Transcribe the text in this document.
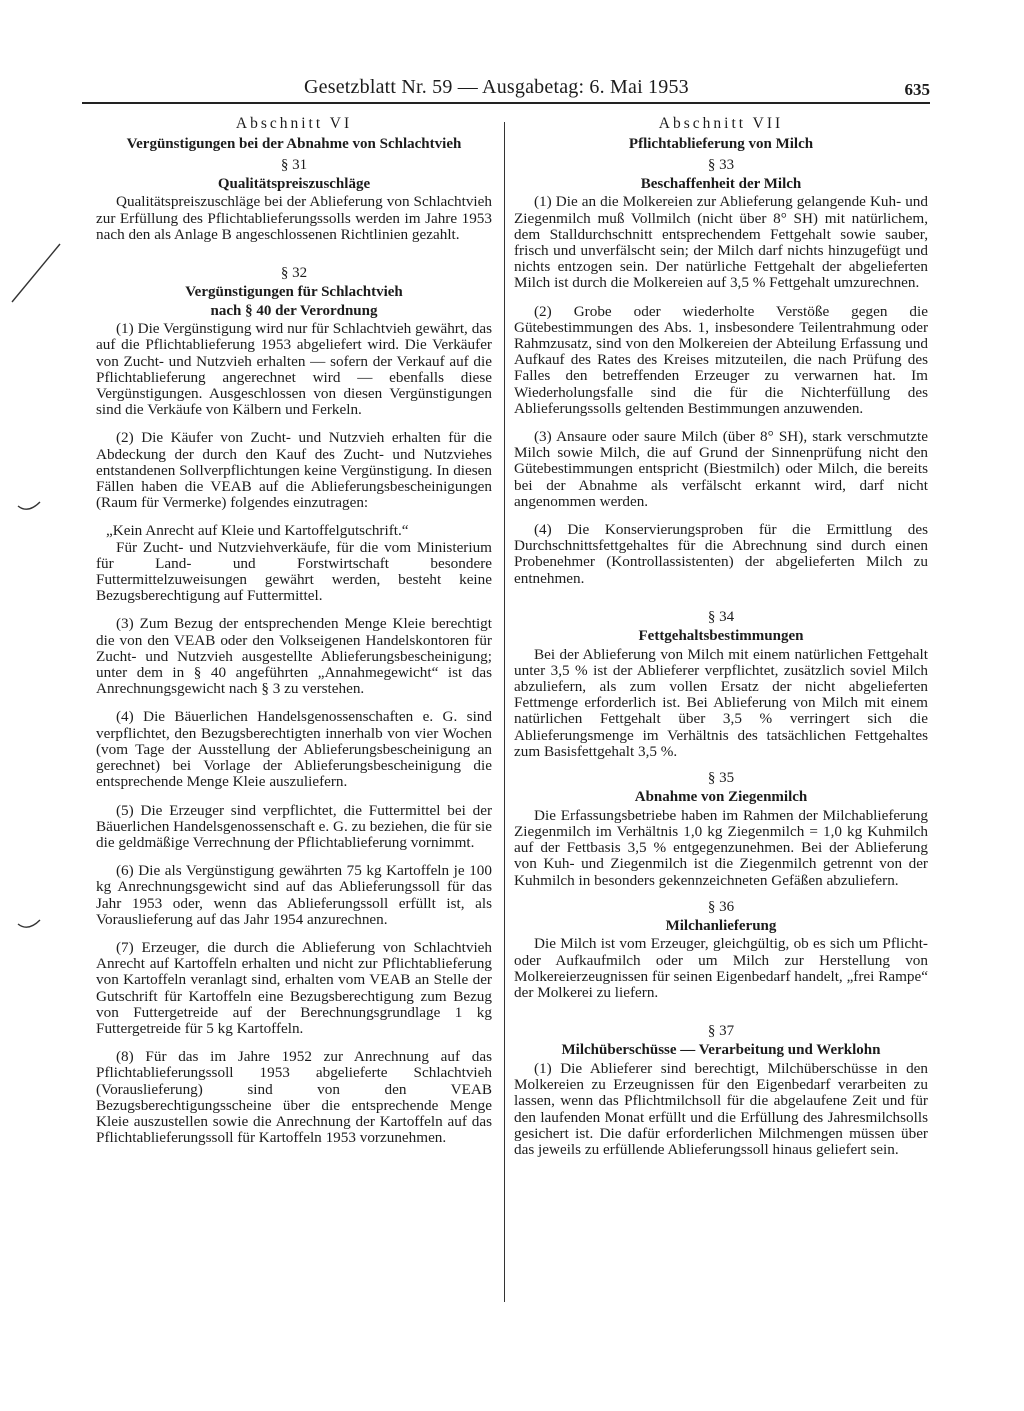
Gesetzblatt Nr. 59 — Ausgabetag: 6. Mai 1953	635
Abschnitt VI
Vergünstigungen bei der Abnahme von Schlachtvieh
§ 31
Qualitätspreiszuschläge

Qualitätspreiszuschläge bei der Ablieferung von Schlachtvieh zur Erfüllung des Pflichtablieferungssolls werden im Jahre 1953 nach den als Anlage B angeschlossenen Richtlinien gezahlt.

§ 32
Vergünstigungen für Schlachtvieh
nach § 40 der Verordnung

(1) Die Vergünstigung wird nur für Schlachtvieh gewährt, das auf die Pflichtablieferung 1953 abgeliefert wird. Die Verkäufer von Zucht- und Nutzvieh erhalten — sofern der Verkauf auf die Pflichtablieferung angerechnet wird — ebenfalls diese Vergünstigungen. Ausgeschlossen von diesen Vergünstigungen sind die Verkäufe von Kälbern und Ferkeln.

(2) Die Käufer von Zucht- und Nutzvieh erhalten für die Abdeckung der durch den Kauf des Zucht- und Nutzviehes entstandenen Sollverpflichtungen keine Vergünstigung. In diesen Fällen haben die VEAB auf die Ablieferungsbescheinigungen (Raum für Vermerke) folgendes einzutragen:

„Kein Anrecht auf Kleie und Kartoffelgutschrift.“

Für Zucht- und Nutzviehverkäufe, für die vom Ministerium für Land- und Forstwirtschaft besondere Futtermittelzuweisungen gewährt werden, besteht keine Bezugsberechtigung auf Futtermittel.

(3) Zum Bezug der entsprechenden Menge Kleie berechtigt die von den VEAB oder den Volkseigenen Handelskontoren für Zucht- und Nutzvieh ausgestellte Ablieferungsbescheinigung; unter dem in § 40 angeführten „Annahmegewicht“ ist das Anrechnungsgewicht nach § 3 zu verstehen.

(4) Die Bäuerlichen Handelsgenossenschaften e. G. sind verpflichtet, den Bezugsberechtigten innerhalb von vier Wochen (vom Tage der Ausstellung der Ablieferungsbescheinigung an gerechnet) bei Vorlage der Ablieferungsbescheinigung die entsprechende Menge Kleie auszuliefern.

(5) Die Erzeuger sind verpflichtet, die Futtermittel bei der Bäuerlichen Handelsgenossenschaft e. G. zu beziehen, die für sie die geldmäßige Verrechnung der Pflichtablieferung vornimmt.

(6) Die als Vergünstigung gewährten 75 kg Kartoffeln je 100 kg Anrechnungsgewicht sind auf das Ablieferungssoll für das Jahr 1953 oder, wenn das Ablieferungssoll erfüllt ist, als Vorauslieferung auf das Jahr 1954 anzurechnen.

(7) Erzeuger, die durch die Ablieferung von Schlachtvieh Anrecht auf Kartoffeln erhalten und nicht zur Pflichtablieferung von Kartoffeln veranlagt sind, erhalten vom VEAB an Stelle der Gutschrift für Kartoffeln eine Bezugsberechtigung zum Bezug von Futtergetreide auf der Berechnungsgrundlage 1 kg Futtergetreide für 5 kg Kartoffeln.

(8) Für das im Jahre 1952 zur Anrechnung auf das Pflichtablieferungssoll 1953 abgelieferte Schlachtvieh (Vorauslieferung) sind von den VEAB Bezugsberechtigungsscheine über die entsprechende Menge Kleie auszustellen sowie die Anrechnung der Kartoffeln auf das Pflichtablieferungssoll für Kartoffeln 1953 vorzunehmen.

Abschnitt VII
Pflichtablieferung von Milch
§ 33
Beschaffenheit der Milch

(1) Die an die Molkereien zur Ablieferung gelangende Kuh- und Ziegenmilch muß Vollmilch (nicht über 8° SH) mit natürlichem, dem Stalldurchschnitt entsprechendem Fettgehalt sowie sauber, frisch und unverfälscht sein; der Milch darf nichts hinzugefügt und nichts entzogen sein. Der natürliche Fettgehalt der abgelieferten Milch ist durch die Molkereien auf 3,5 % Fettgehalt umzurechnen.

(2) Grobe oder wiederholte Verstöße gegen die Gütebestimmungen des Abs. 1, insbesondere Teilentrahmung oder Rahmzusatz, sind von den Molkereien der Abteilung Erfassung und Aufkauf des Rates des Kreises mitzuteilen, die nach Prüfung des Falles den betreffenden Erzeuger zu verwarnen hat. Im Wiederholungsfalle sind die für die Nichterfüllung des Ablieferungssolls geltenden Bestimmungen anzuwenden.

(3) Ansaure oder saure Milch (über 8° SH), stark verschmutzte Milch sowie Milch, die auf Grund der Sinnenprüfung nicht den Gütebestimmungen entspricht (Biestmilch) oder Milch, die bereits bei der Abnahme als verfälscht erkannt wird, darf nicht angenommen werden.

(4) Die Konservierungsproben für die Ermittlung des Durchschnittsfettgehaltes für die Abrechnung sind durch einen Probenehmer (Kontrollassistenten) der abgelieferten Milch zu entnehmen.

§ 34
Fettgehaltsbestimmungen

Bei der Ablieferung von Milch mit einem natürlichen Fettgehalt unter 3,5 % ist der Ablieferer verpflichtet, zusätzlich soviel Milch abzuliefern, als zum vollen Ersatz der nicht abgelieferten Fettmenge erforderlich ist. Bei Ablieferung von Milch mit einem natürlichen Fettgehalt über 3,5 % verringert sich die Ablieferungsmenge im Verhältnis des tatsächlichen Fettgehaltes zum Basisfettgehalt 3,5 %.

§ 35
Abnahme von Ziegenmilch

Die Erfassungsbetriebe haben im Rahmen der Milchablieferung Ziegenmilch im Verhältnis 1,0 kg Ziegenmilch = 1,0 kg Kuhmilch auf der Fettbasis 3,5 % entgegenzunehmen. Bei der Ablieferung von Kuh- und Ziegenmilch ist die Ziegenmilch getrennt von der Kuhmilch in besonders gekennzeichneten Gefäßen abzuliefern.

§ 36
Milchanlieferung

Die Milch ist vom Erzeuger, gleichgültig, ob es sich um Pflicht- oder Aufkaufmilch oder um Milch zur Herstellung von Molkereierzeugnissen für seinen Eigenbedarf handelt, „frei Rampe“ der Molkerei zu liefern.

§ 37
Milchüberschüsse — Verarbeitung und Werklohn

(1) Die Ablieferer sind berechtigt, Milchüberschüsse in den Molkereien zu Erzeugnissen für den Eigenbedarf verarbeiten zu lassen, wenn das Pflichtmilchsoll für die abgelaufene Zeit und für den laufenden Monat erfüllt und die Erfüllung des Jahresmilchsolls gesichert ist. Die dafür erforderlichen Milchmengen müssen über das jeweils zu erfüllende Ablieferungssoll hinaus geliefert sein.
